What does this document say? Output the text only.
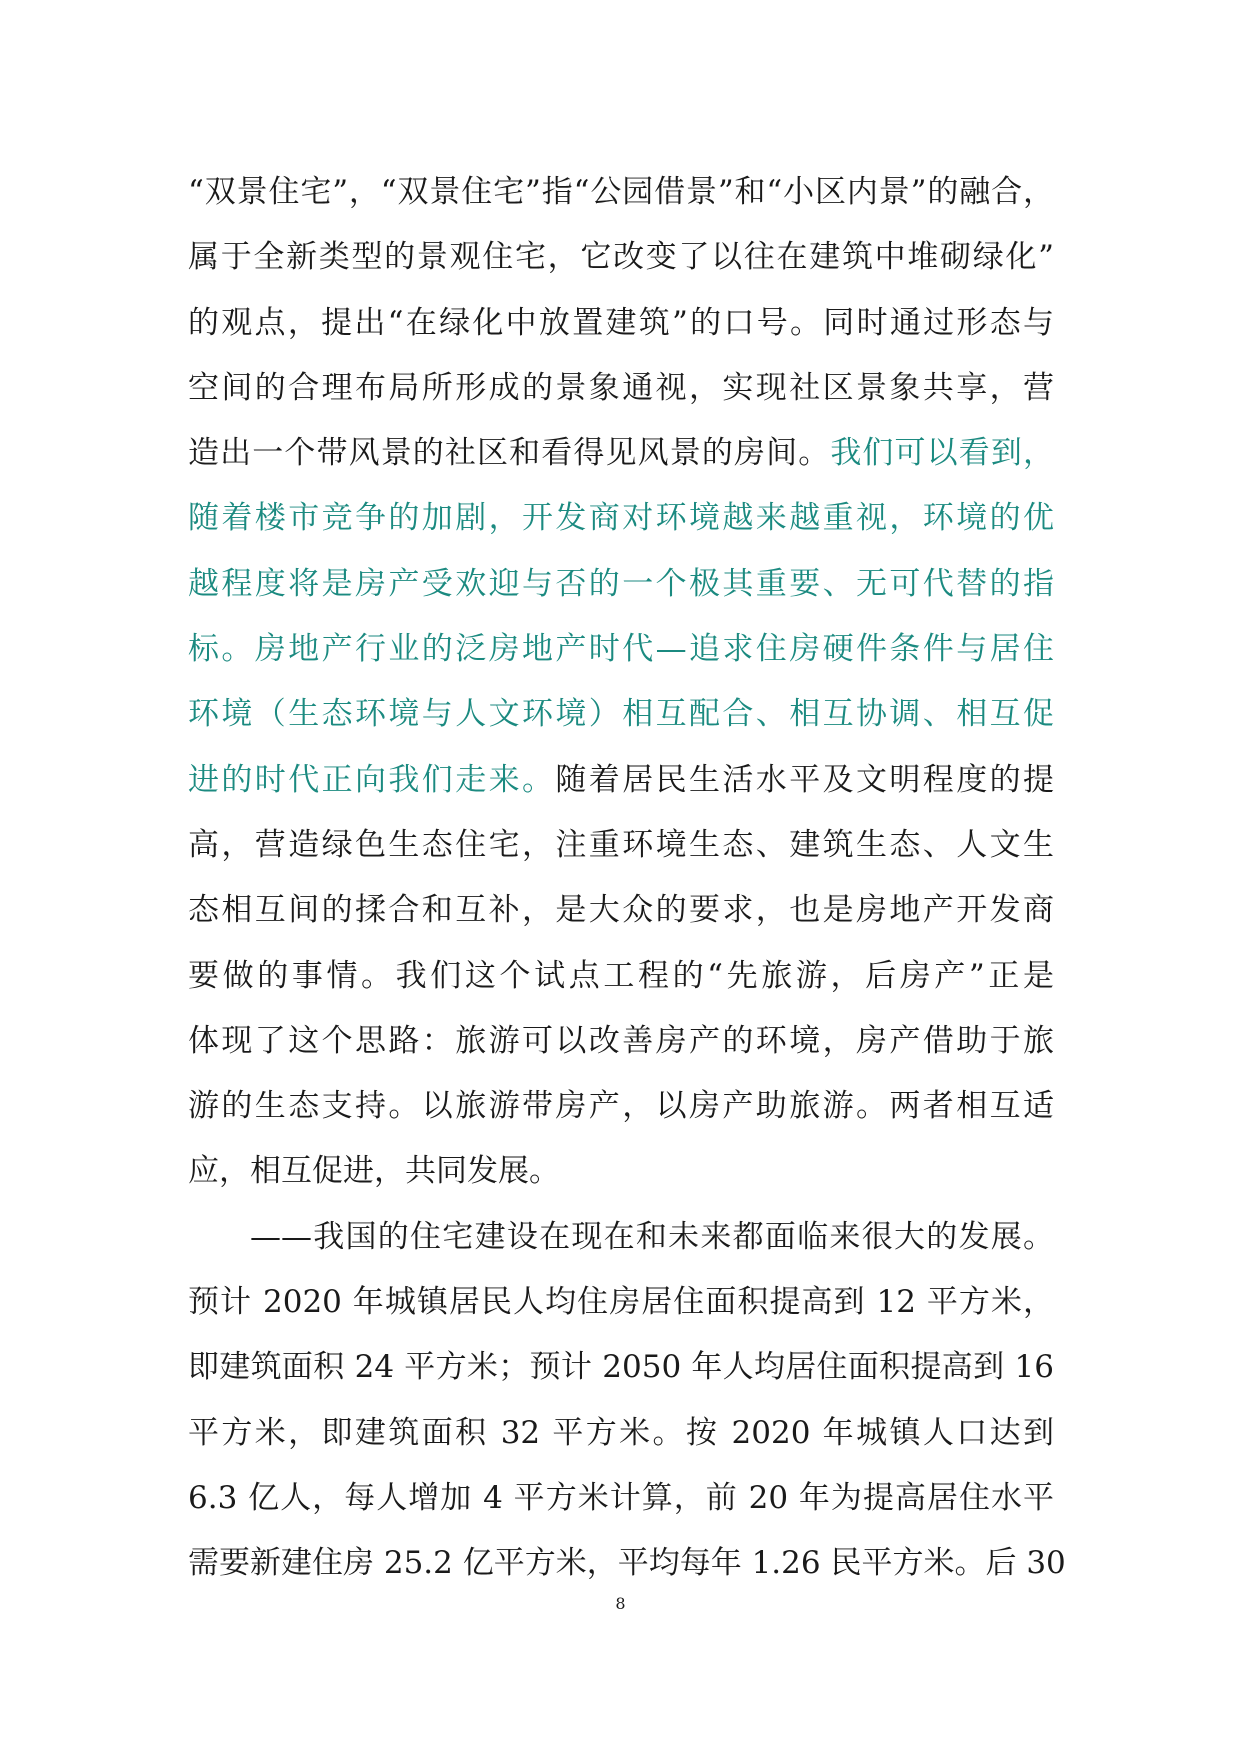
“双景住宅”，“双景住宅”指“公园借景”和“小区内景”的融合，
属于全新类型的景观住宅，它改变了以往在建筑中堆砌绿化”
的观点，提出“在绿化中放置建筑”的口号。同时通过形态与
空间的合理布局所形成的景象通视，实现社区景象共享，营
造出一个带风景的社区和看得见风景的房间。我们可以看到，
随着楼市竞争的加剧，开发商对环境越来越重视，环境的优
越程度将是房产受欢迎与否的一个极其重要、无可代替的指
标。房地产行业的泛房地产时代—追求住房硬件条件与居住
环境（生态环境与人文环境）相互配合、相互协调、相互促
进的时代正向我们走来。随着居民生活水平及文明程度的提
高，营造绿色生态住宅，注重环境生态、建筑生态、人文生
态相互间的揉合和互补，是大众的要求，也是房地产开发商
要做的事情。我们这个试点工程的“先旅游，后房产”正是
体现了这个思路：旅游可以改善房产的环境，房产借助于旅
游的生态支持。以旅游带房产，以房产助旅游。两者相互适
应，相互促进，共同发展。
——我国的住宅建设在现在和未来都面临来很大的发展。
预计 2020 年城镇居民人均住房居住面积提高到 12 平方米，
即建筑面积 24 平方米；预计 2050 年人均居住面积提高到 16
平方米，即建筑面积 32 平方米。按 2020 年城镇人口达到
6.3 亿人，每人增加 4 平方米计算，前 20 年为提高居住水平
需要新建住房 25.2 亿平方米，平均每年 1.26 民平方米。后 30
8
